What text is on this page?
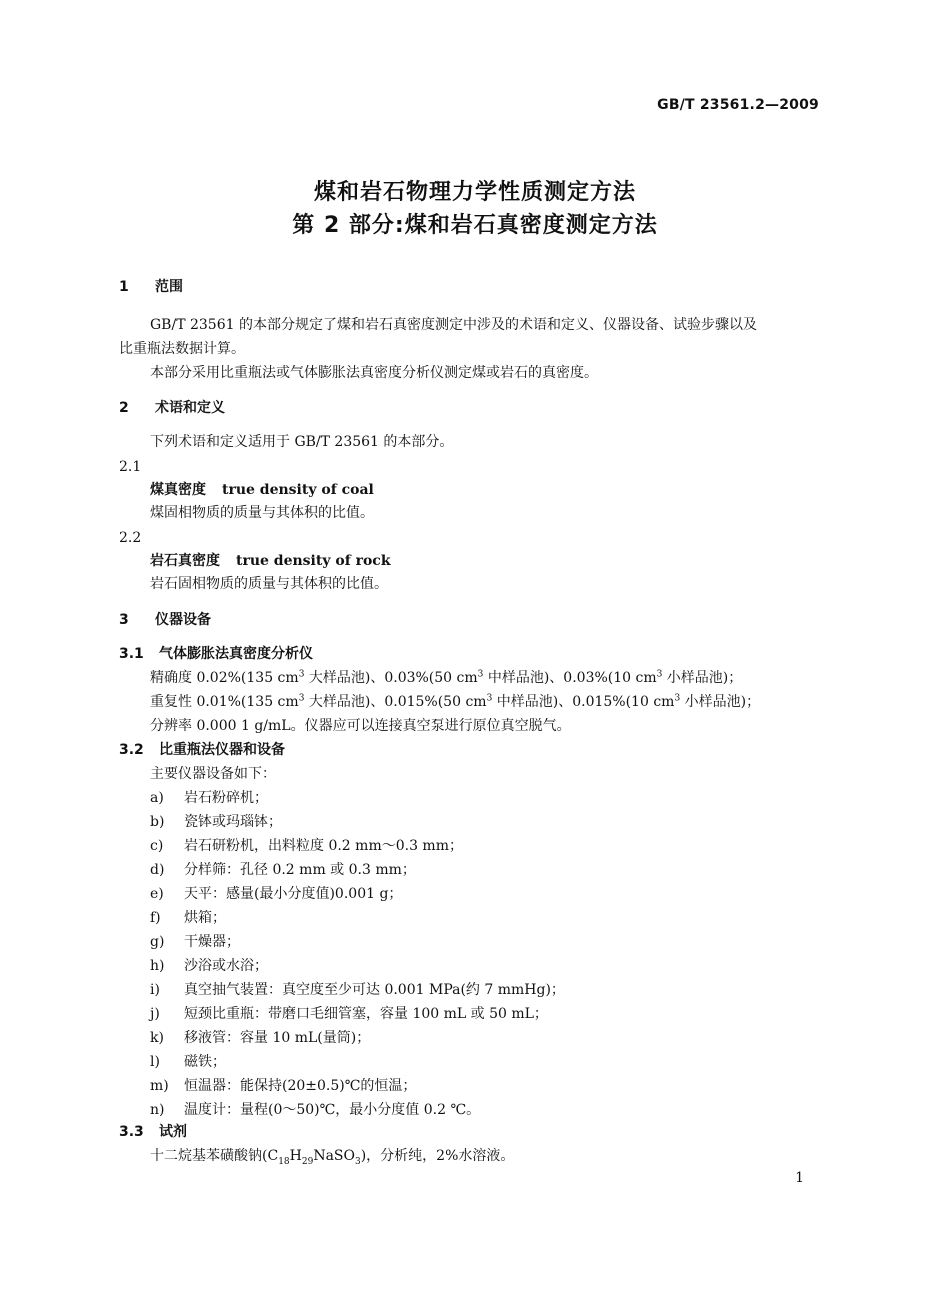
GB/T 23561.2—2009
煤和岩石物理力学性质测定方法
第 2 部分:煤和岩石真密度测定方法
1 范围
GB/T 23561 的本部分规定了煤和岩石真密度测定中涉及的术语和定义、仪器设备、试验步骤以及
比重瓶法数据计算。
本部分采用比重瓶法或气体膨胀法真密度分析仪测定煤或岩石的真密度。
2 术语和定义
下列术语和定义适用于 GB/T 23561 的本部分。
2.1
煤真密度 true density of coal
煤固相物质的质量与其体积的比值。
2.2
岩石真密度 true density of rock
岩石固相物质的质量与其体积的比值。
3 仪器设备
3.1 气体膨胀法真密度分析仪
精确度 0.02%(135 $cm^3$ 大样品池)、0.03%(50 $cm^3$ 中样品池)、0.03%(10 $cm^3$ 小样品池)；
重复性 0.01%(135 $cm^3$ 大样品池)、0.015%(50 $cm^3$ 中样品池)、0.015%(10 $cm^3$ 小样品池)；
分辨率 0.000 1 g/mL。仪器应可以连接真空泵进行原位真空脱气。
3.2 比重瓶法仪器和设备
主要仪器设备如下：
a) 岩石粉碎机；
b) 瓷钵或玛瑙钵；
c) 岩石研粉机，出料粒度 0.2 mm～0.3 mm；
d) 分样筛：孔径 0.2 mm 或 0.3 mm；
e) 天平：感量(最小分度值)0.001 g；
f) 烘箱；
g) 干燥器；
h) 沙浴或水浴；
i) 真空抽气装置：真空度至少可达 0.001 MPa(约 7 mmHg)；
j) 短颈比重瓶：带磨口毛细管塞，容量 100 mL 或 50 mL；
k) 移液管：容量 10 mL(量筒)；
l) 磁铁；
m) 恒温器：能保持(20±0.5)℃的恒温；
n) 温度计：量程(0～50)℃，最小分度值 0.2 ℃。
3.3 试剂
十二烷基苯磺酸钠$(C_{18}H_{29}NaSO_3)$，分析纯，2%水溶液。
1
